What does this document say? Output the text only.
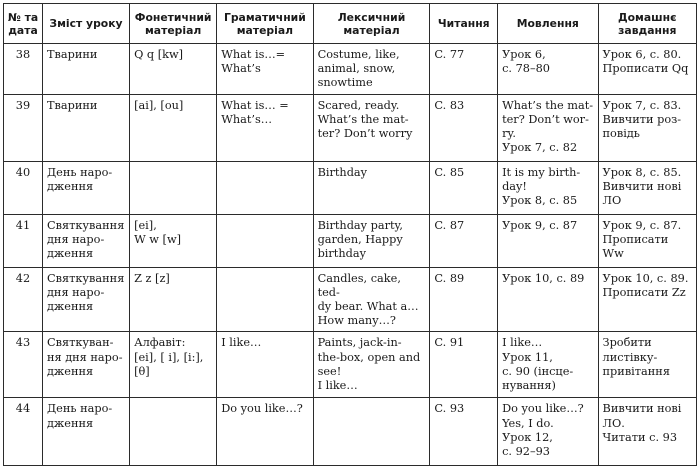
№ та
дата	Зміст уроку	Фонетичний
матеріал	Граматичний
матеріал	Лексичний
матеріал	Читання	Мовлення	Домашнє
завдання
38	Тварини	Q q [kw]	What is…= What’s	Costume, like,
animal, snow,
snowtime	C. 77	Урок 6,
с. 78–80	Урок 6, с. 80.
Прописати Qq
39	Тварини	[ai], [ou]	What is… = What’s…	Scared, ready.
What’s the mat-
ter? Don’t worry	C. 83	What’s the mat-
ter? Don’t wor-
ry.
Урок 7, с. 82	Урок 7, с. 83.
Вивчити роз-
повідь
40	День наро-
дження			Birthday	C. 85	It is my birth-
day!
Урок 8, с. 85	Урок 8, с. 85.
Вивчити нові
ЛО
41	Святкування
дня наро-
дження	[ei],
W w [w]		Birthday party,
garden, Happy
birthday	C. 87	Урок 9, с. 87	Урок 9, с. 87.
Прописати
Ww
42	Святкування
дня наро-
дження	Z z [z]		Candles, cake, ted-
dy bear. What a…
How many…?	C. 89	Урок 10, с. 89	Урок 10, с. 89.
Прописати Zz
43	Святкуван-
ня дня наро-
дження	Алфавіт:
[ei], [ i], [i:],
[θ]	I like…	Paints, jack-in-
the-box, open and
see!
I like…	C. 91	I like…
Урок 11,
с. 90 (інсце-
нування)	Зробити
листівку-
привітання
44	День наро-
дження		Do you like…?		C. 93	Do you like…?
Yes, I do.
Урок 12,
с. 92–93	Вивчити нові
ЛО.
Читати с. 93
